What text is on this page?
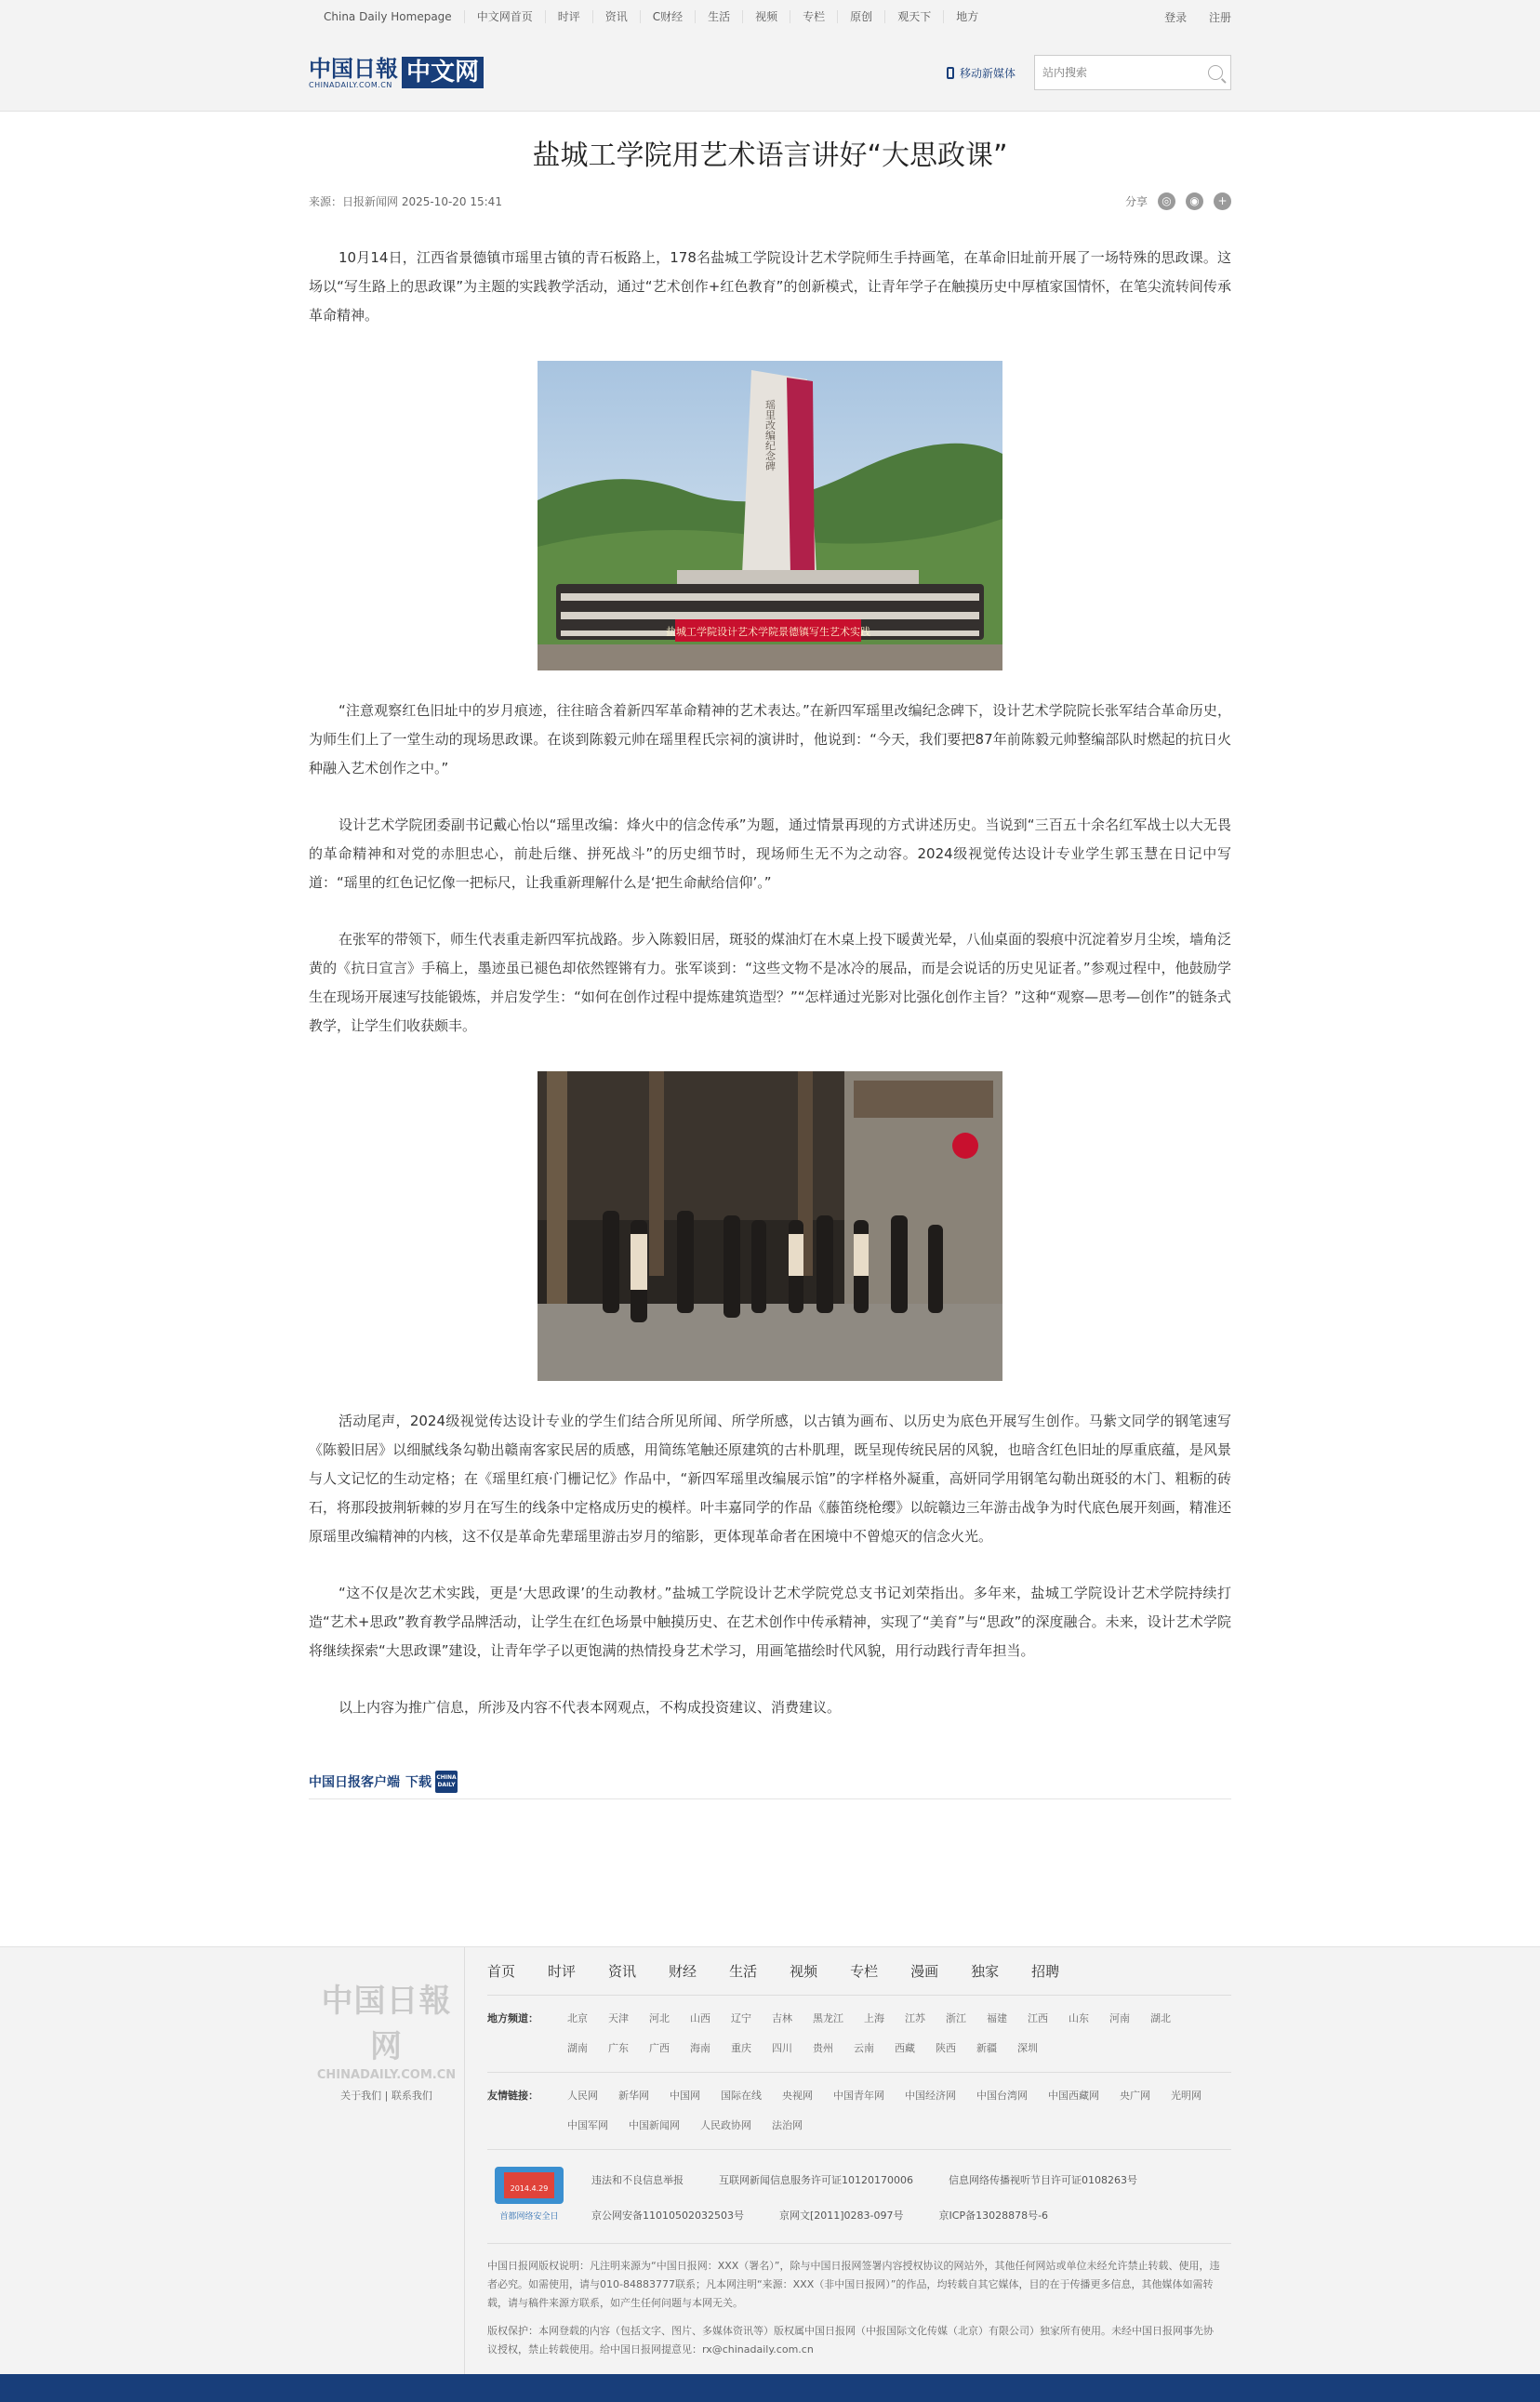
China Daily Homepage	中文网首页	时评	资讯	C财经	生活	视频	专栏	原创	观天下	地方	登录 注册
中国日報
CHINADAILY.COM.CN 中文网	移动新媒体
站内搜索
盐城工学院用艺术语言讲好“大思政课”
来源：日报新闻网 2025-10-20 15:41	分享	◎	◉	+

10月14日，江西省景德镇市瑶里古镇的青石板路上，178名盐城工学院设计艺术学院师生手持画笔，在革命旧址前开展了一场特殊的思政课。这场以“写生路上的思政课”为主题的实践教学活动，通过“艺术创作+红色教育”的创新模式，让青年学子在触摸历史中厚植家国情怀，在笔尖流转间传承革命精神。

盐城工学院设计艺术学院景德镇写生艺术实践
瑶里改编纪念碑

“注意观察红色旧址中的岁月痕迹，往往暗含着新四军革命精神的艺术表达。”在新四军瑶里改编纪念碑下，设计艺术学院院长张军结合革命历史，为师生们上了一堂生动的现场思政课。在谈到陈毅元帅在瑶里程氏宗祠的演讲时，他说到：“今天，我们要把87年前陈毅元帅整编部队时燃起的抗日火种融入艺术创作之中。”

设计艺术学院团委副书记戴心怡以“瑶里改编：烽火中的信念传承”为题，通过情景再现的方式讲述历史。当说到“三百五十余名红军战士以大无畏的革命精神和对党的赤胆忠心，前赴后继、拼死战斗”的历史细节时，现场师生无不为之动容。2024级视觉传达设计专业学生郭玉慧在日记中写道：“瑶里的红色记忆像一把标尺，让我重新理解什么是‘把生命献给信仰’。”

在张军的带领下，师生代表重走新四军抗战路。步入陈毅旧居，斑驳的煤油灯在木桌上投下暖黄光晕，八仙桌面的裂痕中沉淀着岁月尘埃，墙角泛黄的《抗日宣言》手稿上，墨迹虽已褪色却依然铿锵有力。张军谈到：“这些文物不是冰冷的展品，而是会说话的历史见证者。”参观过程中，他鼓励学生在现场开展速写技能锻炼，并启发学生：“如何在创作过程中提炼建筑造型？”“怎样通过光影对比强化创作主旨？”这种“观察—思考—创作”的链条式教学，让学生们收获颇丰。

活动尾声，2024级视觉传达设计专业的学生们结合所见所闻、所学所感，以古镇为画布、以历史为底色开展写生创作。马紫文同学的钢笔速写《陈毅旧居》以细腻线条勾勒出赣南客家民居的质感，用简练笔触还原建筑的古朴肌理，既呈现传统民居的风貌，也暗含红色旧址的厚重底蕴，是风景与人文记忆的生动定格；在《瑶里红痕·门栅记忆》作品中，“新四军瑶里改编展示馆”的字样格外凝重，高妍同学用钢笔勾勒出斑驳的木门、粗粝的砖石，将那段披荆斩棘的岁月在写生的线条中定格成历史的模样。叶丰嘉同学的作品《藤笛绕枪缨》以皖赣边三年游击战争为时代底色展开刻画，精准还原瑶里改编精神的内核，这不仅是革命先辈瑶里游击岁月的缩影，更体现革命者在困境中不曾熄灭的信念火光。

“这不仅是次艺术实践，更是‘大思政课’的生动教材。”盐城工学院设计艺术学院党总支书记刘荣指出。多年来，盐城工学院设计艺术学院持续打造“艺术+思政”教育教学品牌活动，让学生在红色场景中触摸历史、在艺术创作中传承精神，实现了“美育”与“思政”的深度融合。未来，设计艺术学院将继续探索“大思政课”建设，让青年学子以更饱满的热情投身艺术学习，用画笔描绘时代风貌，用行动践行青年担当。

以上内容为推广信息，所涉及内容不代表本网观点，不构成投资建议、消费建议。

中国日报客户端 下载 CHINA DAILY
中国日報网
CHINADAILY.COM.CN
关于我们 | 联系我们
首页 时评 资讯 财经 生活 视频 专栏 漫画 独家 招聘
地方频道：	北京 天津 河北 山西 辽宁 吉林 黑龙江 上海 江苏 浙江 福建 江西 山东 河南 湖北
湖南 广东 广西 海南 重庆 四川 贵州 云南 西藏 陕西 新疆 深圳
友情链接：	人民网 新华网 中国网 国际在线 央视网 中国青年网 中国经济网 中国台湾网 中国西藏网 央广网 光明网
中国军网 中国新闻网 人民政协网 法治网
2014.4.29
首都网络安全日
违法和不良信息举报	互联网新闻信息服务许可证10120170006	信息网络传播视听节目许可证0108263号
京公网安备11010502032503号	京网文[2011]0283-097号	京ICP备13028878号-6

中国日报网版权说明：凡注明来源为“中国日报网：XXX（署名）”，除与中国日报网签署内容授权协议的网站外，其他任何网站或单位未经允许禁止转载、使用，违者必究。如需使用，请与010-84883777联系；凡本网注明“来源：XXX（非中国日报网）”的作品，均转载自其它媒体，目的在于传播更多信息，其他媒体如需转载，请与稿件来源方联系，如产生任何问题与本网无关。

版权保护：本网登载的内容（包括文字、图片、多媒体资讯等）版权属中国日报网（中报国际文化传媒（北京）有限公司）独家所有使用。未经中国日报网事先协议授权，禁止转载使用。给中国日报网提意见：rx@chinadaily.com.cn
